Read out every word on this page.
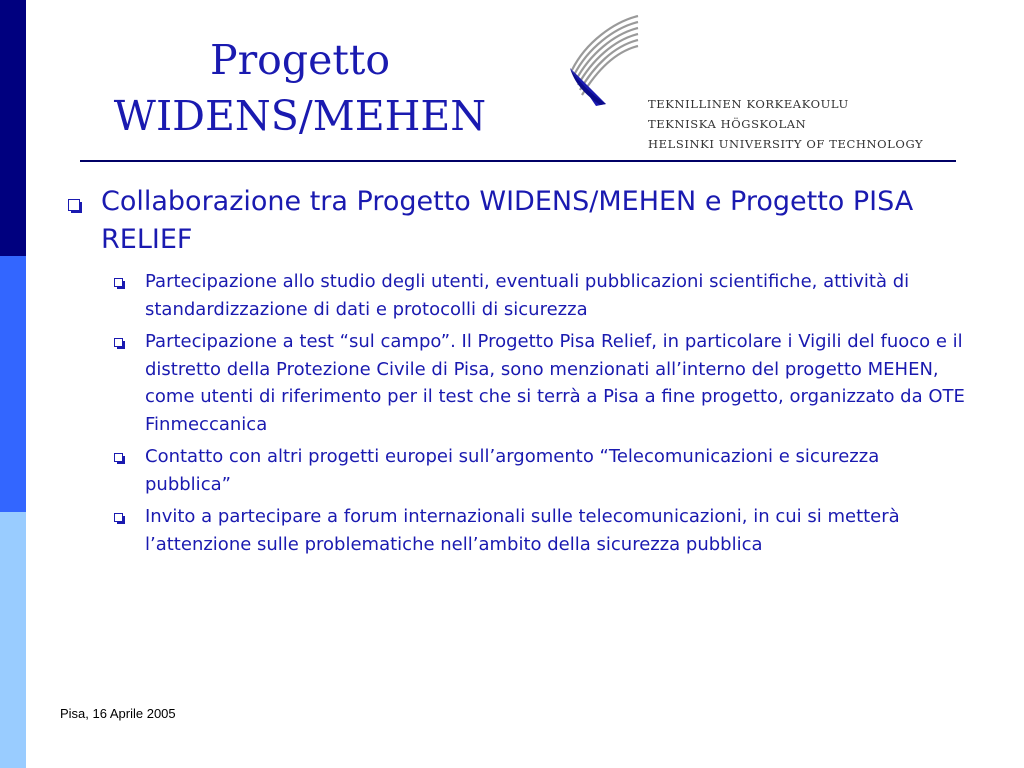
Progetto
WIDENS/MEHEN	TEKNILLINEN KORKEAKOULU
TEKNISKA HÖGSKOLAN
HELSINKI UNIVERSITY OF TECHNOLOGY
Collaborazione tra Progetto WIDENS/MEHEN e Progetto PISA RELIEF
Partecipazione allo studio degli utenti, eventuali pubblicazioni scientifiche, attività di standardizzazione di dati e protocolli di sicurezza
Partecipazione a test “sul campo”. Il Progetto Pisa Relief, in particolare i Vigili del fuoco e il distretto della Protezione Civile di Pisa, sono menzionati all’interno del progetto MEHEN, come utenti di riferimento per il test che si terrà a Pisa a fine progetto, organizzato da OTE Finmeccanica
Contatto con altri progetti europei sull’argomento “Telecomunicazioni e sicurezza pubblica”
Invito a partecipare a forum internazionali sulle telecomunicazioni, in cui si metterà l’attenzione sulle problematiche nell’ambito della sicurezza pubblica
Pisa, 16 Aprile 2005
